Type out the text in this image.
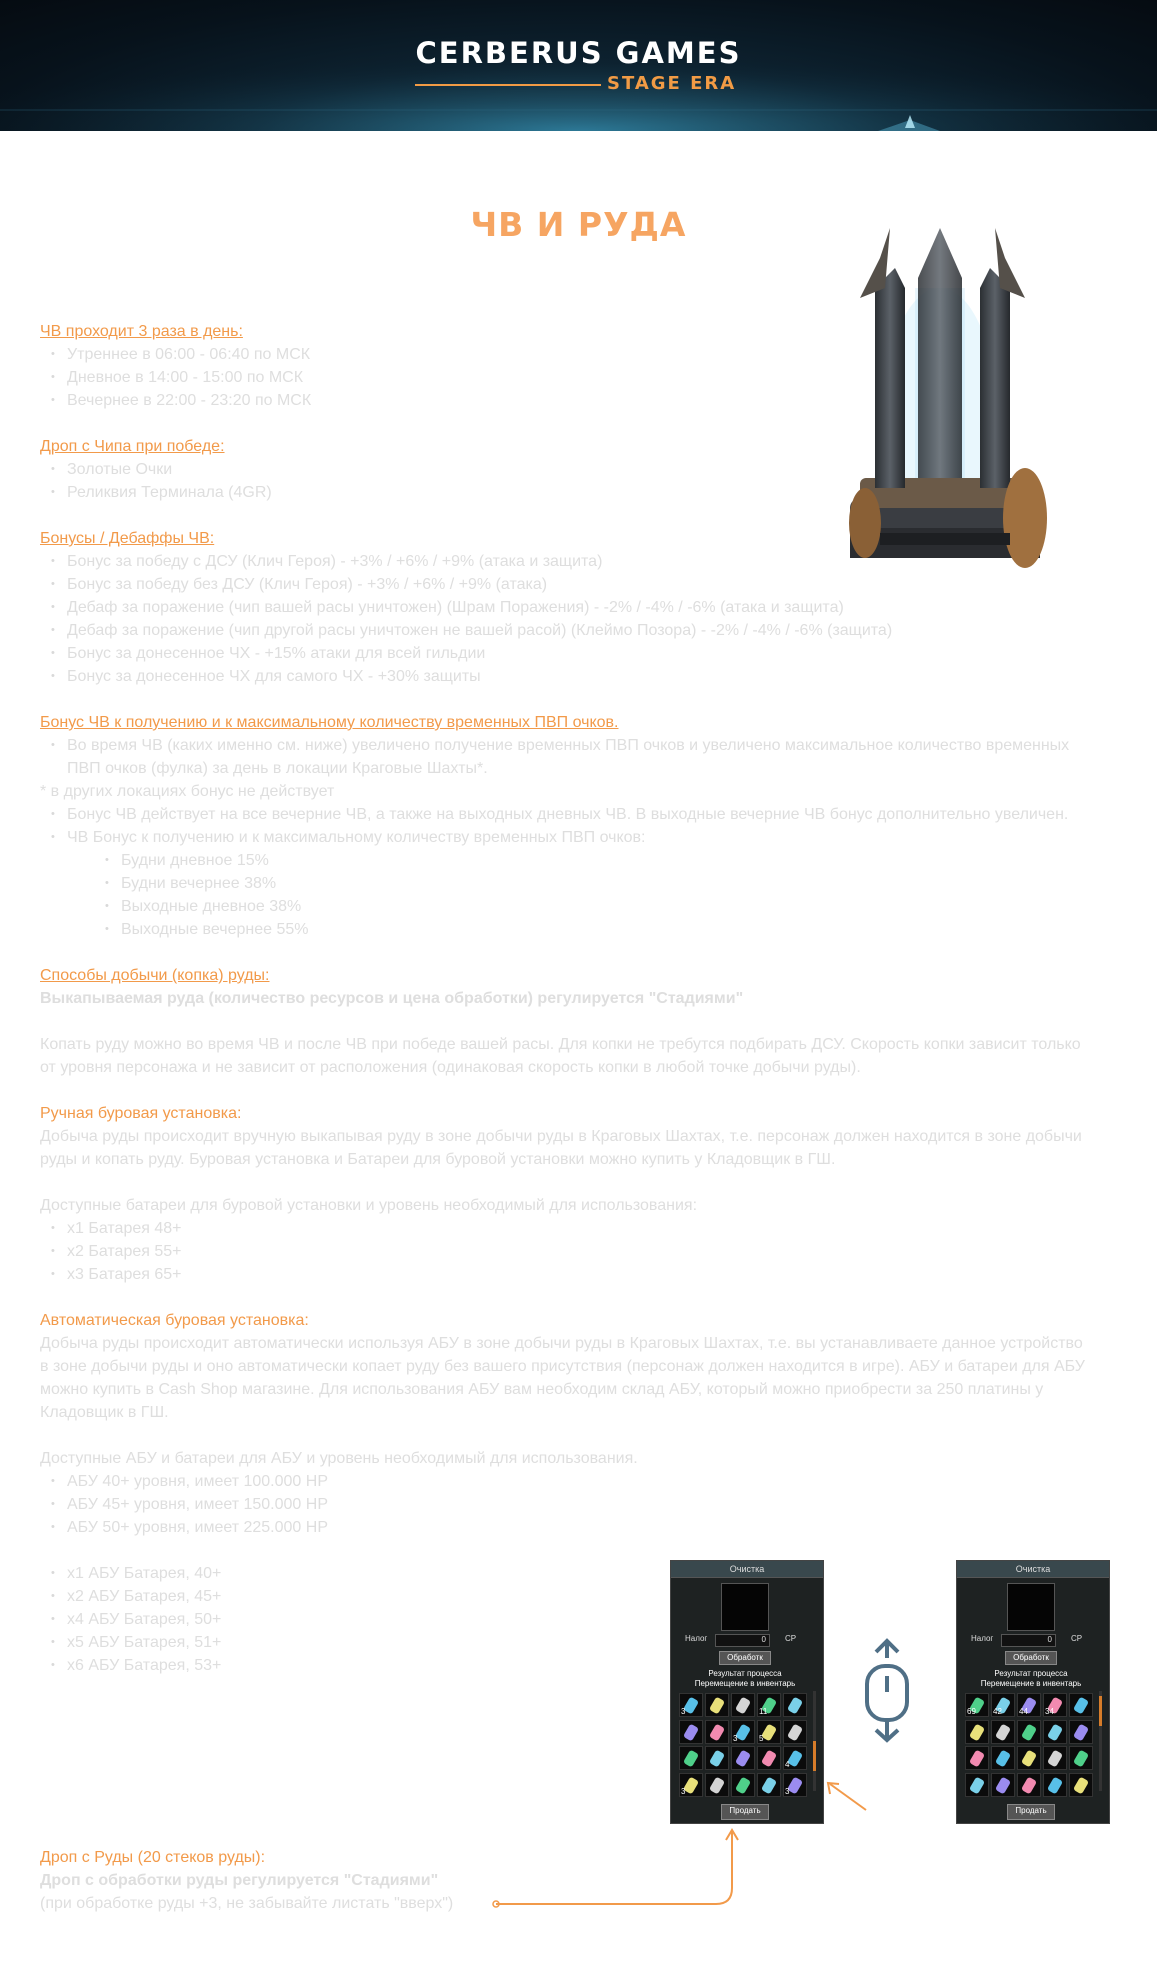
CERBERUS GAMES
STAGE ERA
ЧВ И РУДА
ЧВ проходит 3 раза в день:
• Утреннее в 06:00 - 06:40 по МСК
• Дневное в 14:00 - 15:00 по МСК
• Вечернее в 22:00 - 23:20 по МСК
Дроп с Чипа при победе:
• Золотые Очки
• Реликвия Терминала (4GR)
Бонусы / Дебаффы ЧВ:
• Бонус за победу с ДСУ (Клич Героя) - +3% / +6% / +9% (атака и защита)
• Бонус за победу без ДСУ (Клич Героя) - +3% / +6% / +9% (атака)
• Дебаф за поражение (чип вашей расы уничтожен) (Шрам Поражения) - -2% / -4% / -6% (атака и защита)
• Дебаф за поражение (чип другой расы уничтожен не вашей расой) (Клеймо Позора) - -2% / -4% / -6% (защита)
• Бонус за донесенное ЧХ - +15% атаки для всей гильдии
• Бонус за донесенное ЧХ для самого ЧХ - +30% защиты
Бонус ЧВ к получению и к максимальному количеству временных ПВП очков.
• Во время ЧВ (каких именно см. ниже) увеличено получение временных ПВП очков и увеличено максимальное количество временных ПВП очков (фулка) за день в локации Краговые Шахты*.
* в других локациях бонус не действует
• Бонус ЧВ действует на все вечерние ЧВ, а также на выходных дневных ЧВ. В выходные вечерние ЧВ бонус дополнительно увеличен.
• ЧВ Бонус к получению и к максимальному количеству временных ПВП очков:
• Будни дневное 15%
• Будни вечернее 38%
• Выходные дневное 38%
• Выходные вечернее 55%
Способы добычи (копка) руды:
Выкапываемая руда (количество ресурсов и цена обработки) регулируется "Стадиями"
Копать руду можно во время ЧВ и после ЧВ при победе вашей расы. Для копки не требутся подбирать ДСУ. Скорость копки зависит только от уровня персонажа и не зависит от расположения (одинаковая скорость копки в любой точке добычи руды).
Ручная буровая установка:
Добыча руды происходит вручную выкапывая руду в зоне добычи руды в Краговых Шахтах, т.е. персонаж должен находится в зоне добычи руды и копать руду. Буровая установка и Батареи для буровой установки можно купить у Кладовщик в ГШ.
Доступные батареи для буровой установки и уровень необходимый для использования:
• x1 Батарея 48+
• x2 Батарея 55+
• x3 Батарея 65+
Автоматическая буровая установка:
Добыча руды происходит автоматически используя АБУ в зоне добычи руды в Краговых Шахтах, т.е. вы устанавливаете данное устройство в зоне добычи руды и оно автоматически копает руду без вашего присутствия (персонаж должен находится в игре). АБУ и батареи для АБУ можно купить в Cash Shop магазине. Для использования АБУ вам необходим склад АБУ, который можно приобрести за 250 платины у Кладовщик в ГШ.
Доступные АБУ и батареи для АБУ и уровень необходимый для использования.
• АБУ 40+ уровня, имеет 100.000 HP
• АБУ 45+ уровня, имеет 150.000 HP
• АБУ 50+ уровня, имеет 225.000 HP
• x1 АБУ Батарея, 40+
• x2 АБУ Батарея, 45+
• x4 АБУ Батарея, 50+
• x5 АБУ Батарея, 51+
• x6 АБУ Батарея, 53+
Дроп с Руды (20 стеков руды):
Дроп с обработки руды регулируется "Стадиями"
(при обработке руды +3, не забывайте листать "вверх")
Очистка
Налог	0	СР
Обработк
Результат процесса
Перемещение в инвентарь
3	11
3	5
4
3	3
Продать
Очистка
Налог	0	СР
Обработк
Результат процесса
Перемещение в инвентарь
69 42 44 34
Продать
